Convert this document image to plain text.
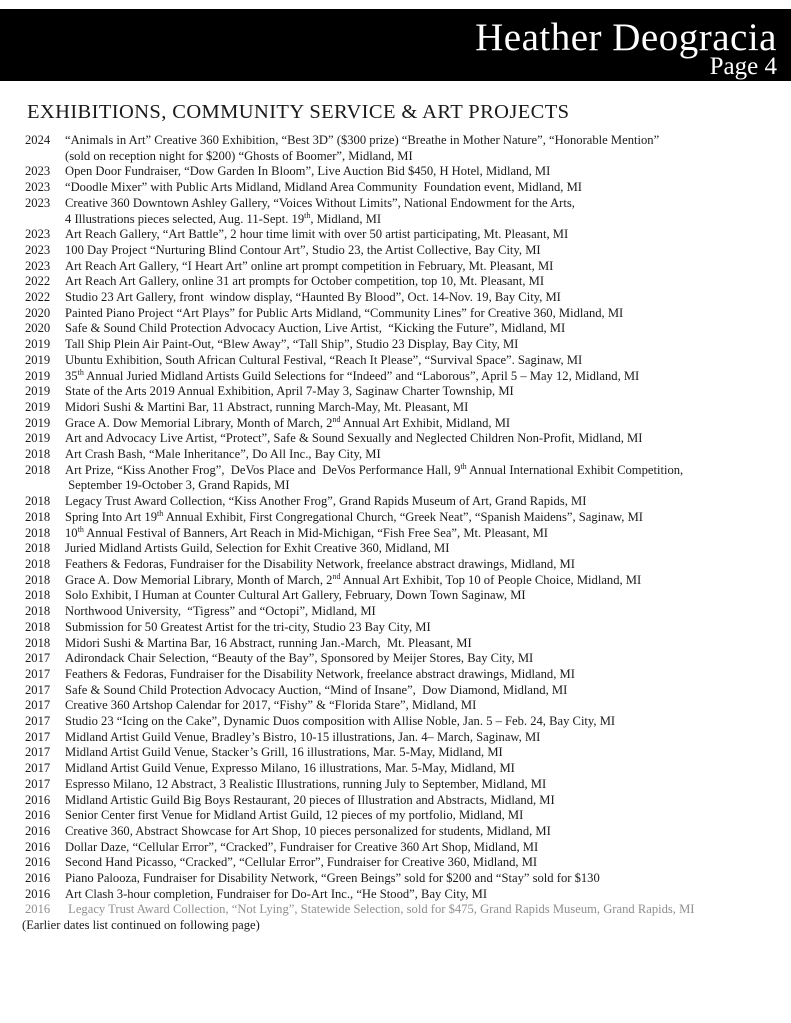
Heather Deogracia
Page 4
EXHIBITIONS, COMMUNITY SERVICE & ART PROJECTS
2024	“Animals in Art” Creative 360 Exhibition, “Best 3D” ($300 prize) “Breathe in Mother Nature”, “Honorable Mention”
(sold on reception night for $200) “Ghosts of Boomer”, Midland, MI
2023	Open Door Fundraiser, “Dow Garden In Bloom”, Live Auction Bid $450, H Hotel, Midland, MI
2023	“Doodle Mixer” with Public Arts Midland, Midland Area Community  Foundation event, Midland, MI
2023	Creative 360 Downtown Ashley Gallery, “Voices Without Limits”, National Endowment for the Arts,
4 Illustrations pieces selected, Aug. 11-Sept. 19th, Midland, MI
2023	Art Reach Gallery, “Art Battle”, 2 hour time limit with over 50 artist participating, Mt. Pleasant, MI
2023	100 Day Project “Nurturing Blind Contour Art”, Studio 23, the Artist Collective, Bay City, MI
2023	Art Reach Art Gallery, “I Heart Art” online art prompt competition in February, Mt. Pleasant, MI
2022	Art Reach Art Gallery, online 31 art prompts for October competition, top 10, Mt. Pleasant, MI
2022	Studio 23 Art Gallery, front  window display, “Haunted By Blood”, Oct. 14-Nov. 19, Bay City, MI
2020	Painted Piano Project “Art Plays” for Public Arts Midland, “Community Lines” for Creative 360, Midland, MI
2020	Safe & Sound Child Protection Advocacy Auction, Live Artist,  “Kicking the Future”, Midland, MI
2019	Tall Ship Plein Air Paint-Out, “Blew Away”, “Tall Ship”, Studio 23 Display, Bay City, MI
2019	Ubuntu Exhibition, South African Cultural Festival, “Reach It Please”, “Survival Space”. Saginaw, MI
2019	35th Annual Juried Midland Artists Guild Selections for “Indeed” and “Laborous”, April 5 – May 12, Midland, MI
2019	State of the Arts 2019 Annual Exhibition, April 7-May 3, Saginaw Charter Township, MI
2019	Midori Sushi & Martini Bar, 11 Abstract, running March-May, Mt. Pleasant, MI
2019	Grace A. Dow Memorial Library, Month of March, 2nd Annual Art Exhibit, Midland, MI
2019	Art and Advocacy Live Artist, “Protect”, Safe & Sound Sexually and Neglected Children Non-Profit, Midland, MI
2018	Art Crash Bash, “Male Inheritance”, Do All Inc., Bay City, MI
2018	Art Prize, “Kiss Another Frog”,  DeVos Place and  DeVos Performance Hall, 9th Annual International Exhibit Competition,
September 19-October 3, Grand Rapids, MI
2018	Legacy Trust Award Collection, “Kiss Another Frog”, Grand Rapids Museum of Art, Grand Rapids, MI
2018	Spring Into Art 19th Annual Exhibit, First Congregational Church, “Greek Neat”, “Spanish Maidens”, Saginaw, MI
2018	10th Annual Festival of Banners, Art Reach in Mid-Michigan, “Fish Free Sea”, Mt. Pleasant, MI
2018	Juried Midland Artists Guild, Selection for Exhit Creative 360, Midland, MI
2018	Feathers & Fedoras, Fundraiser for the Disability Network, freelance abstract drawings, Midland, MI
2018	Grace A. Dow Memorial Library, Month of March, 2nd Annual Art Exhibit, Top 10 of People Choice, Midland, MI
2018	Solo Exhibit, I Human at Counter Cultural Art Gallery, February, Down Town Saginaw, MI
2018	Northwood University,  “Tigress” and “Octopi”, Midland, MI
2018	Submission for 50 Greatest Artist for the tri-city, Studio 23 Bay City, MI
2018	Midori Sushi & Martina Bar, 16 Abstract, running Jan.-March,  Mt. Pleasant, MI
2017	Adirondack Chair Selection, “Beauty of the Bay”, Sponsored by Meijer Stores, Bay City, MI
2017	Feathers & Fedoras, Fundraiser for the Disability Network, freelance abstract drawings, Midland, MI
2017	Safe & Sound Child Protection Advocacy Auction, “Mind of Insane”,  Dow Diamond, Midland, MI
2017	Creative 360 Artshop Calendar for 2017, “Fishy” & “Florida Stare”, Midland, MI
2017	Studio 23 “Icing on the Cake”, Dynamic Duos composition with Allise Noble, Jan. 5 – Feb. 24, Bay City, MI
2017	Midland Artist Guild Venue, Bradley’s Bistro, 10-15 illustrations, Jan. 4– March, Saginaw, MI
2017	Midland Artist Guild Venue, Stacker’s Grill, 16 illustrations, Mar. 5-May, Midland, MI
2017	Midland Artist Guild Venue, Expresso Milano, 16 illustrations, Mar. 5-May, Midland, MI
2017	Espresso Milano, 12 Abstract, 3 Realistic Illustrations, running July to September, Midland, MI
2016	Midland Artistic Guild Big Boys Restaurant, 20 pieces of Illustration and Abstracts, Midland, MI
2016	Senior Center first Venue for Midland Artist Guild, 12 pieces of my portfolio, Midland, MI
2016	Creative 360, Abstract Showcase for Art Shop, 10 pieces personalized for students, Midland, MI
2016	Dollar Daze, “Cellular Error”, “Cracked”, Fundraiser for Creative 360 Art Shop, Midland, MI
2016	Second Hand Picasso, “Cracked”, “Cellular Error”, Fundraiser for Creative 360, Midland, MI
2016	Piano Palooza, Fundraiser for Disability Network, “Green Beings” sold for $200 and “Stay” sold for $130
2016	Art Clash 3-hour completion, Fundraiser for Do-Art Inc., “He Stood”, Bay City, MI
2016	Legacy Trust Award Collection, “Not Lying”, Statewide Selection, sold for $475, Grand Rapids Museum, Grand Rapids, MI
(Earlier dates list continued on following page)
